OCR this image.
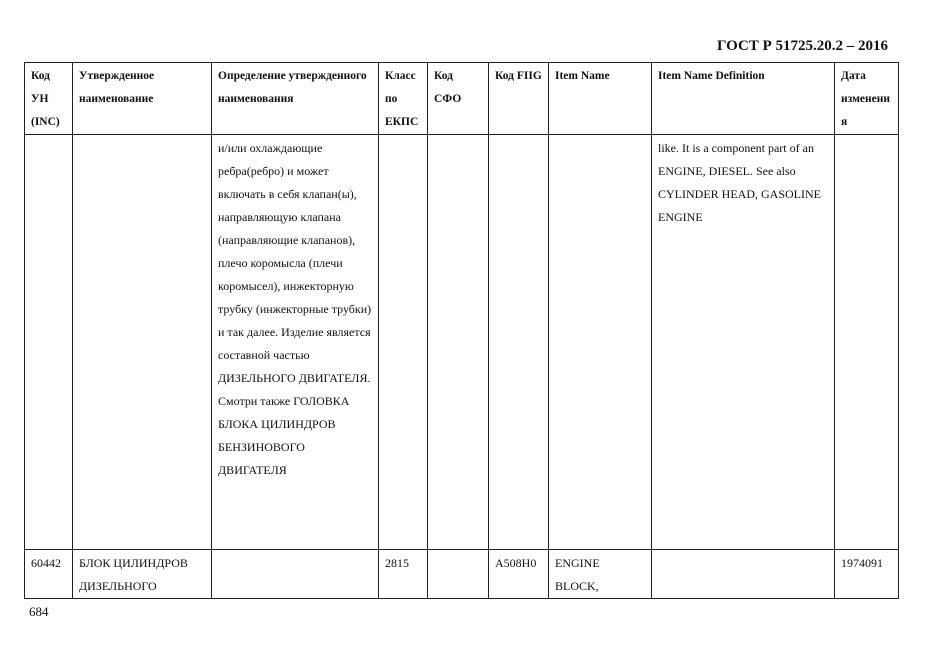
ГОСТ Р 51725.20.2 – 2016
Код УН (INC)	Утвержденное наименование	Определение утвержденного наименования	Класс по ЕКПС	Код СФО	Код FIIG	Item Name	Item Name Definition	Дата изменения
		и/или охлаждающие ребра(ребро) и может включать в себя клапан(ы), направляющую клапана (направляющие клапанов), плечо коромысла (плечи коромысел), инжекторную трубку (инжекторные трубки) и так далее. Изделие является составной частью ДИЗЕЛЬНОГО ДВИГАТЕЛЯ. Смотри также ГОЛОВКА БЛОКА ЦИЛИНДРОВ БЕНЗИНОВОГО ДВИГАТЕЛЯ					like. It is a component part of an ENGINE, DIESEL. See also CYLINDER HEAD, GASOLINE ENGINE	
60442	БЛОК ЦИЛИНДРОВ ДИЗЕЛЬНОГО		2815		A508H0	ENGINE BLOCK,		1974091
684
